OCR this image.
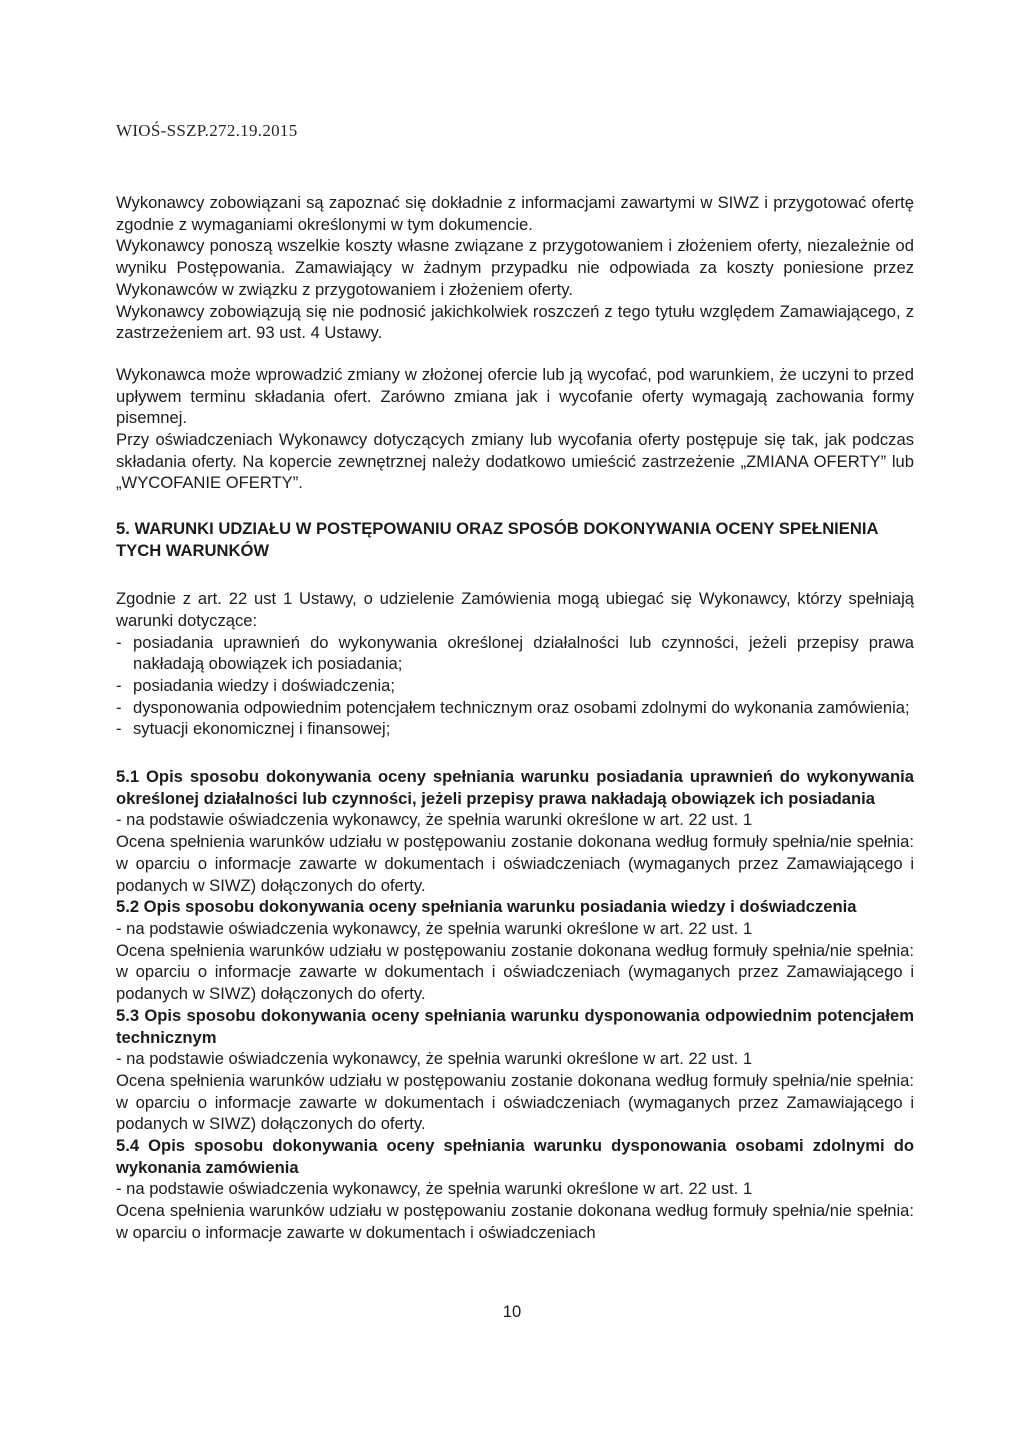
WIOŚ-SSZP.272.19.2015

Wykonawcy zobowiązani są zapoznać się dokładnie z informacjami zawartymi w SIWZ i przygotować ofertę zgodnie z wymaganiami określonymi w tym dokumencie.

Wykonawcy ponoszą wszelkie koszty własne związane z przygotowaniem i złożeniem oferty, niezależnie od wyniku Postępowania. Zamawiający w żadnym przypadku nie odpowiada za koszty poniesione przez Wykonawców w związku z przygotowaniem i złożeniem oferty.

Wykonawcy zobowiązują się nie podnosić jakichkolwiek roszczeń z tego tytułu względem Zamawiającego, z zastrzeżeniem art. 93 ust. 4 Ustawy.

Wykonawca może wprowadzić zmiany w złożonej ofercie lub ją wycofać, pod warunkiem, że uczyni to przed upływem terminu składania ofert. Zarówno zmiana jak i wycofanie oferty wymagają zachowania formy pisemnej.

Przy oświadczeniach Wykonawcy dotyczących zmiany lub wycofania oferty postępuje się tak, jak podczas składania oferty. Na kopercie zewnętrznej należy dodatkowo umieścić zastrzeżenie „ZMIANA OFERTY” lub „WYCOFANIE OFERTY”.

5. WARUNKI UDZIAŁU W POSTĘPOWANIU ORAZ SPOSÓB DOKONYWANIA OCENY SPEŁNIENIA TYCH WARUNKÓW

Zgodnie z art. 22 ust 1 Ustawy, o udzielenie Zamówienia mogą ubiegać się Wykonawcy, którzy spełniają warunki dotyczące:

- posiadania uprawnień do wykonywania określonej działalności lub czynności, jeżeli przepisy prawa nakładają obowiązek ich posiadania;
- posiadania wiedzy i doświadczenia;
- dysponowania odpowiednim potencjałem technicznym oraz osobami zdolnymi do wykonania zamówienia;
- sytuacji ekonomicznej i finansowej;

5.1 Opis sposobu dokonywania oceny spełniania warunku posiadania uprawnień do wykonywania określonej działalności lub czynności, jeżeli przepisy prawa nakładają obowiązek ich posiadania

- na podstawie oświadczenia wykonawcy, że spełnia warunki określone w art. 22 ust. 1

Ocena spełnienia warunków udziału w postępowaniu zostanie dokonana według formuły spełnia/nie spełnia: w oparciu o informacje zawarte w dokumentach i oświadczeniach (wymaganych przez Zamawiającego i podanych w SIWZ) dołączonych do oferty.

5.2 Opis sposobu dokonywania oceny spełniania warunku posiadania wiedzy i doświadczenia

- na podstawie oświadczenia wykonawcy, że spełnia warunki określone w art. 22 ust. 1

Ocena spełnienia warunków udziału w postępowaniu zostanie dokonana według formuły spełnia/nie spełnia: w oparciu o informacje zawarte w dokumentach i oświadczeniach (wymaganych przez Zamawiającego i podanych w SIWZ) dołączonych do oferty.

5.3 Opis sposobu dokonywania oceny spełniania warunku dysponowania odpowiednim potencjałem technicznym

- na podstawie oświadczenia wykonawcy, że spełnia warunki określone w art. 22 ust. 1

Ocena spełnienia warunków udziału w postępowaniu zostanie dokonana według formuły spełnia/nie spełnia: w oparciu o informacje zawarte w dokumentach i oświadczeniach (wymaganych przez Zamawiającego i podanych w SIWZ) dołączonych do oferty.

5.4 Opis sposobu dokonywania oceny spełniania warunku dysponowania osobami zdolnymi do wykonania zamówienia

- na podstawie oświadczenia wykonawcy, że spełnia warunki określone w art. 22 ust. 1

Ocena spełnienia warunków udziału w postępowaniu zostanie dokonana według formuły spełnia/nie spełnia: w oparciu o informacje zawarte w dokumentach i oświadczeniach

10
